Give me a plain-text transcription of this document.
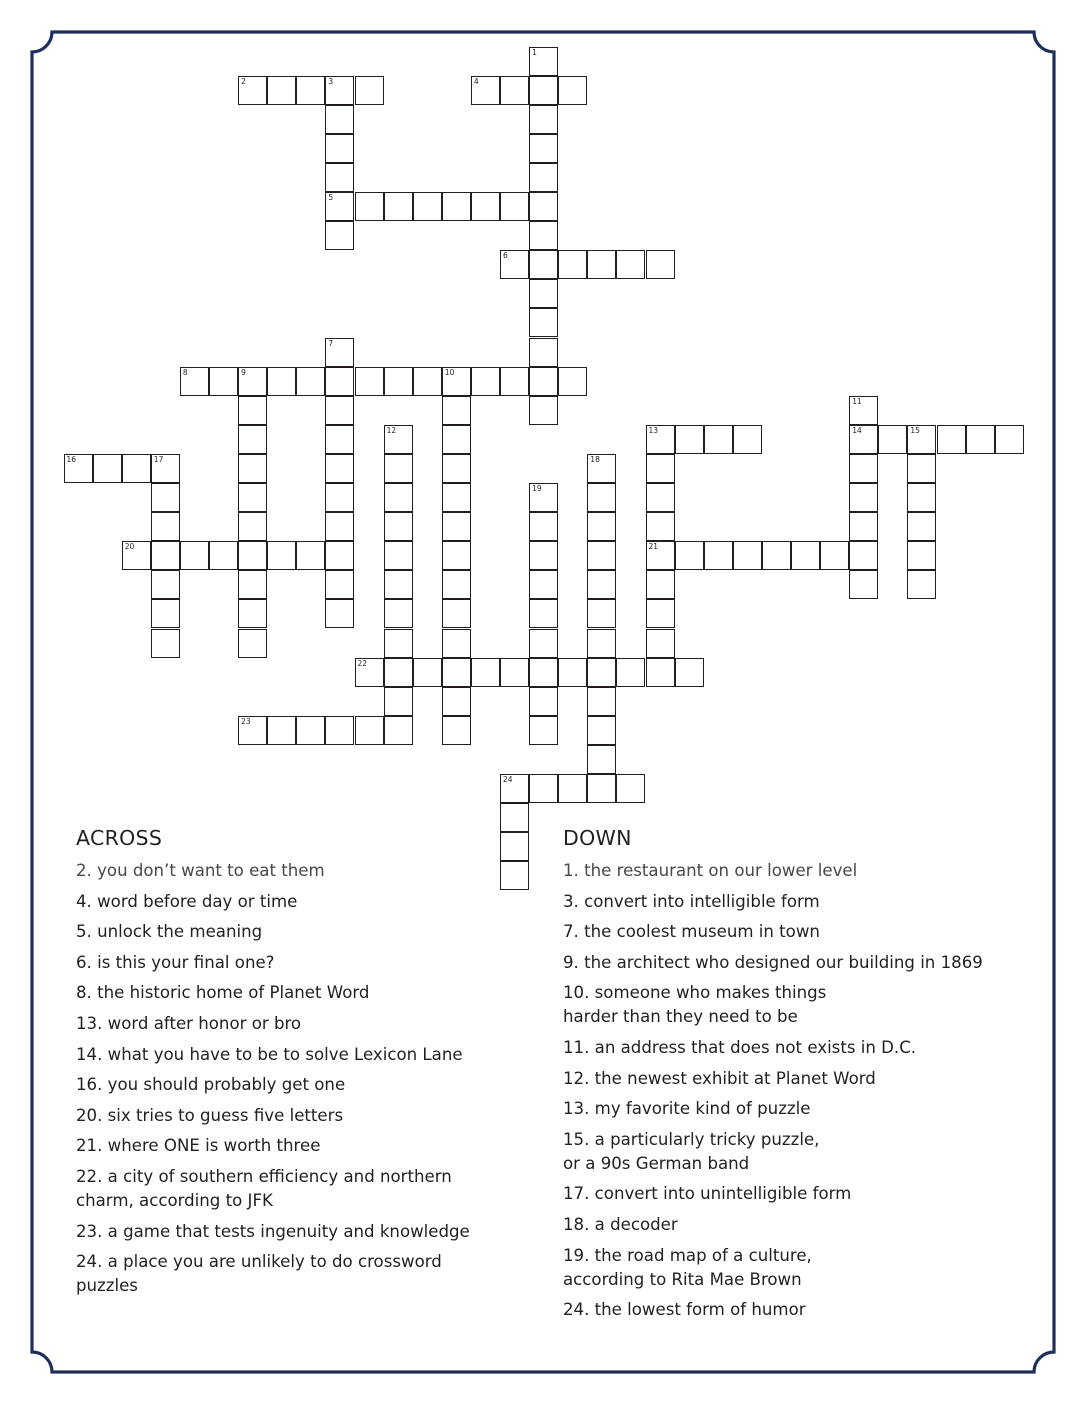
1
2	3
5
4
6
7
8	9	10
11
14
12	13
21
15
16	17	18
19
20
22
23
24
ACROSS
2. you don’t want to eat them
4. word before day or time
5. unlock the meaning
6. is this your final one?
8. the historic home of Planet Word
13. word after honor or bro
14. what you have to be to solve Lexicon Lane
16. you should probably get one
20. six tries to guess five letters
21. where ONE is worth three
22. a city of southern efficiency and northern
charm, according to JFK
23. a game that tests ingenuity and knowledge
24. a place you are unlikely to do crossword
puzzles
DOWN
1. the restaurant on our lower level
3. convert into intelligible form
7. the coolest museum in town
9. the architect who designed our building in 1869
10. someone who makes things
harder than they need to be
11. an address that does not exists in D.C.
12. the newest exhibit at Planet Word
13. my favorite kind of puzzle
15. a particularly tricky puzzle,
or a 90s German band
17. convert into unintelligible form
18. a decoder
19. the road map of a culture,
according to Rita Mae Brown
24. the lowest form of humor
